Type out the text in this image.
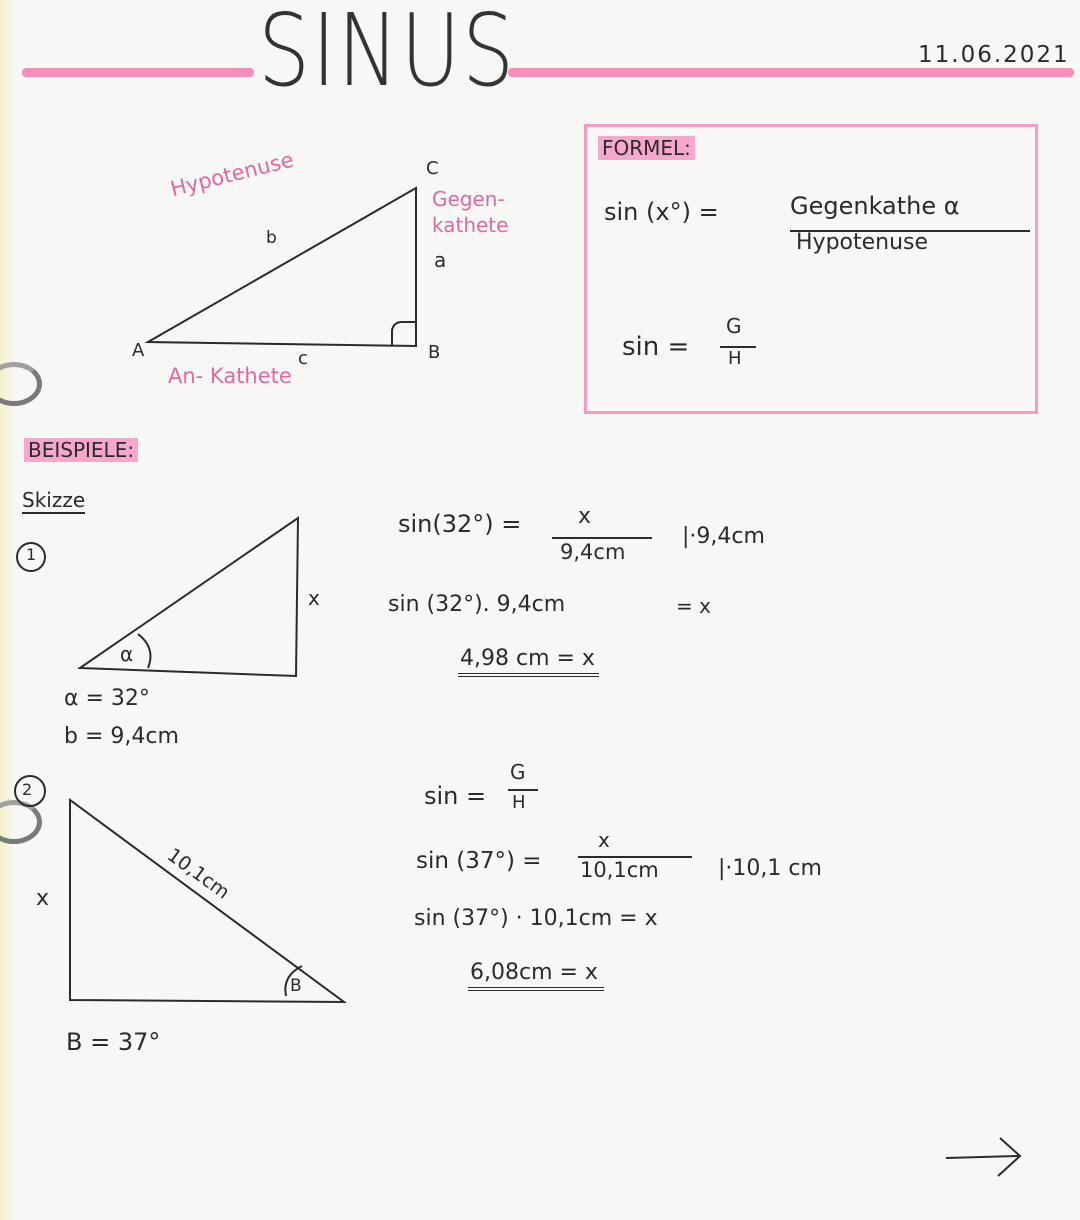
SINUS	11.06.2021
Hypotenuse
b
C
Gegen-
kathete
a
A	B
c
An- Kathete
FORMEL:
sin (x°) =	Gegenkathe α
Hypotenuse
sin =
G
H
BEISPIELE:
Skizze
1
α
x
α = 32°
b = 9,4cm
sin(32°) =	x
9,4cm
|·9,4cm
sin (32°). 9,4cm	= x
4,98 cm = x
2
x	10,1cm
B
B = 37°
sin =
G
H
sin (37°) =
x
10,1cm	|·10,1 cm
sin (37°) · 10,1cm = x
6,08cm = x
